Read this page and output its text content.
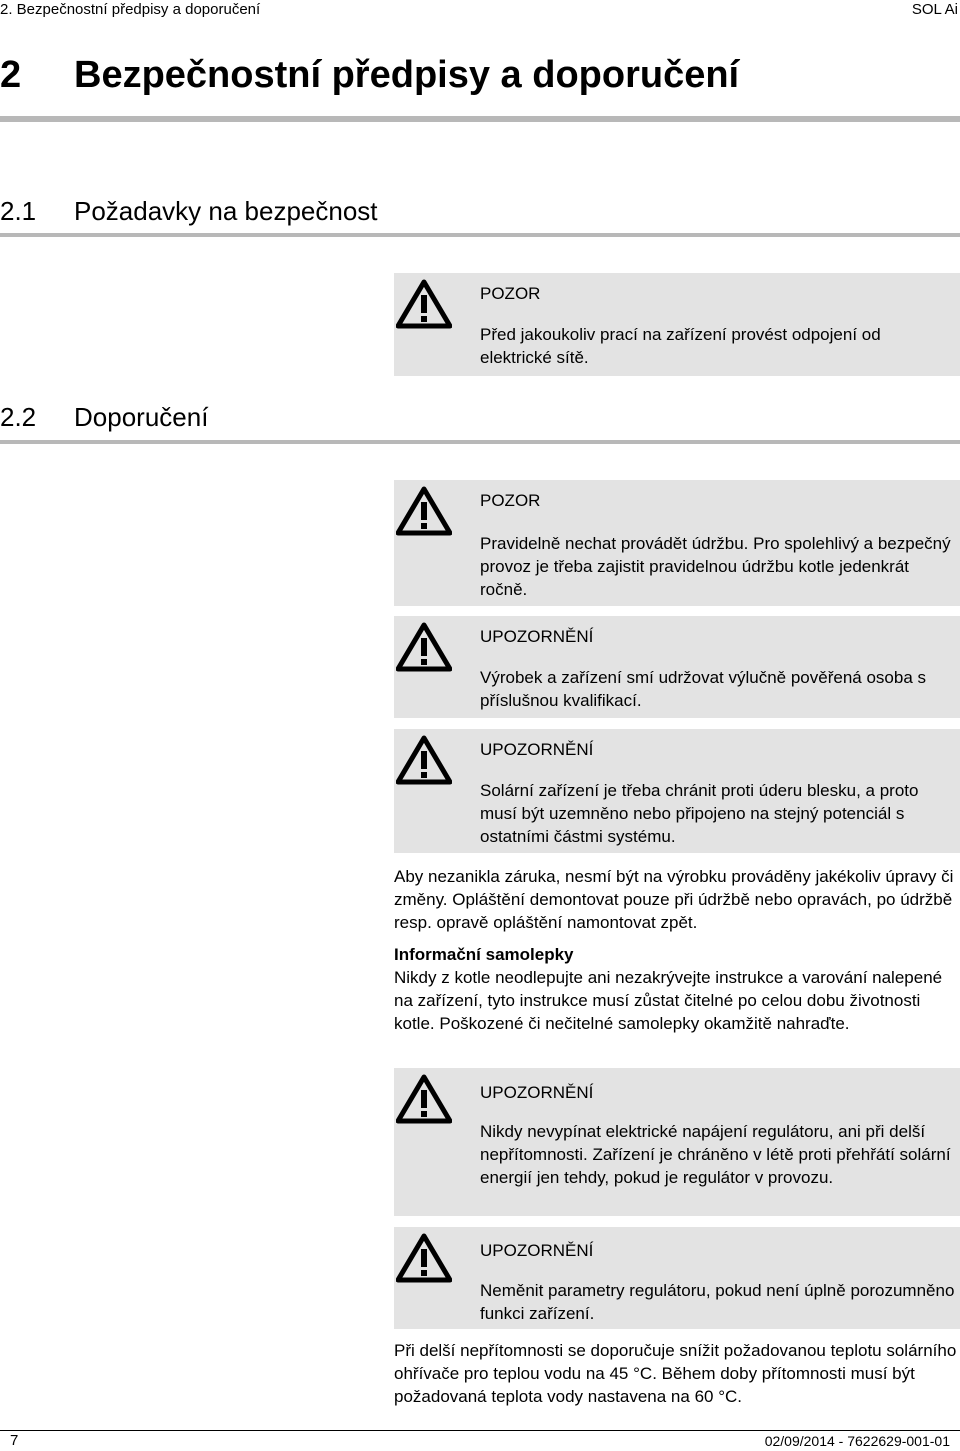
2. Bezpečnostní předpisy a doporučení	SOL Ai
2 Bezpečnostní předpisy a doporučení
2.1 Požadavky na bezpečnost
POZOR
Před jakoukoliv prací na zařízení provést odpojení od elektrické sítě.
2.2 Doporučení
POZOR
Pravidelně nechat provádět údržbu. Pro spolehlivý a bezpečný provoz je třeba zajistit pravidelnou údržbu kotle jedenkrát ročně.
UPOZORNĚNÍ
Výrobek a zařízení smí udržovat výlučně pověřená osoba s příslušnou kvalifikací.
UPOZORNĚNÍ
Solární zařízení je třeba chránit proti úderu blesku, a proto musí být uzemněno nebo připojeno na stejný potenciál s ostatními částmi systému.
Aby nezanikla záruka, nesmí být na výrobku prováděny jakékoliv úpravy či změny. Opláštění demontovat pouze při údržbě nebo opravách, po údržbě resp. opravě opláštění namontovat zpět.
Informační samolepky
Nikdy z kotle neodlepujte ani nezakrývejte instrukce a varování nalepené na zařízení, tyto instrukce musí zůstat čitelné po celou dobu životnosti kotle. Poškozené či nečitelné samolepky okamžitě nahraďte.
UPOZORNĚNÍ
Nikdy nevypínat elektrické napájení regulátoru, ani při delší nepřítomnosti. Zařízení je chráněno v létě proti přehřátí solární energií jen tehdy, pokud je regulátor v provozu.
UPOZORNĚNÍ
Neměnit parametry regulátoru, pokud není úplně porozumněno funkci zařízení.
Při delší nepřítomnosti se doporučuje snížit požadovanou teplotu solárního ohřívače pro teplou vodu na 45 °C. Během doby přítomnosti musí být požadovaná teplota vody nastavena na 60 °C.
7	02/09/2014 - 7622629-001-01
